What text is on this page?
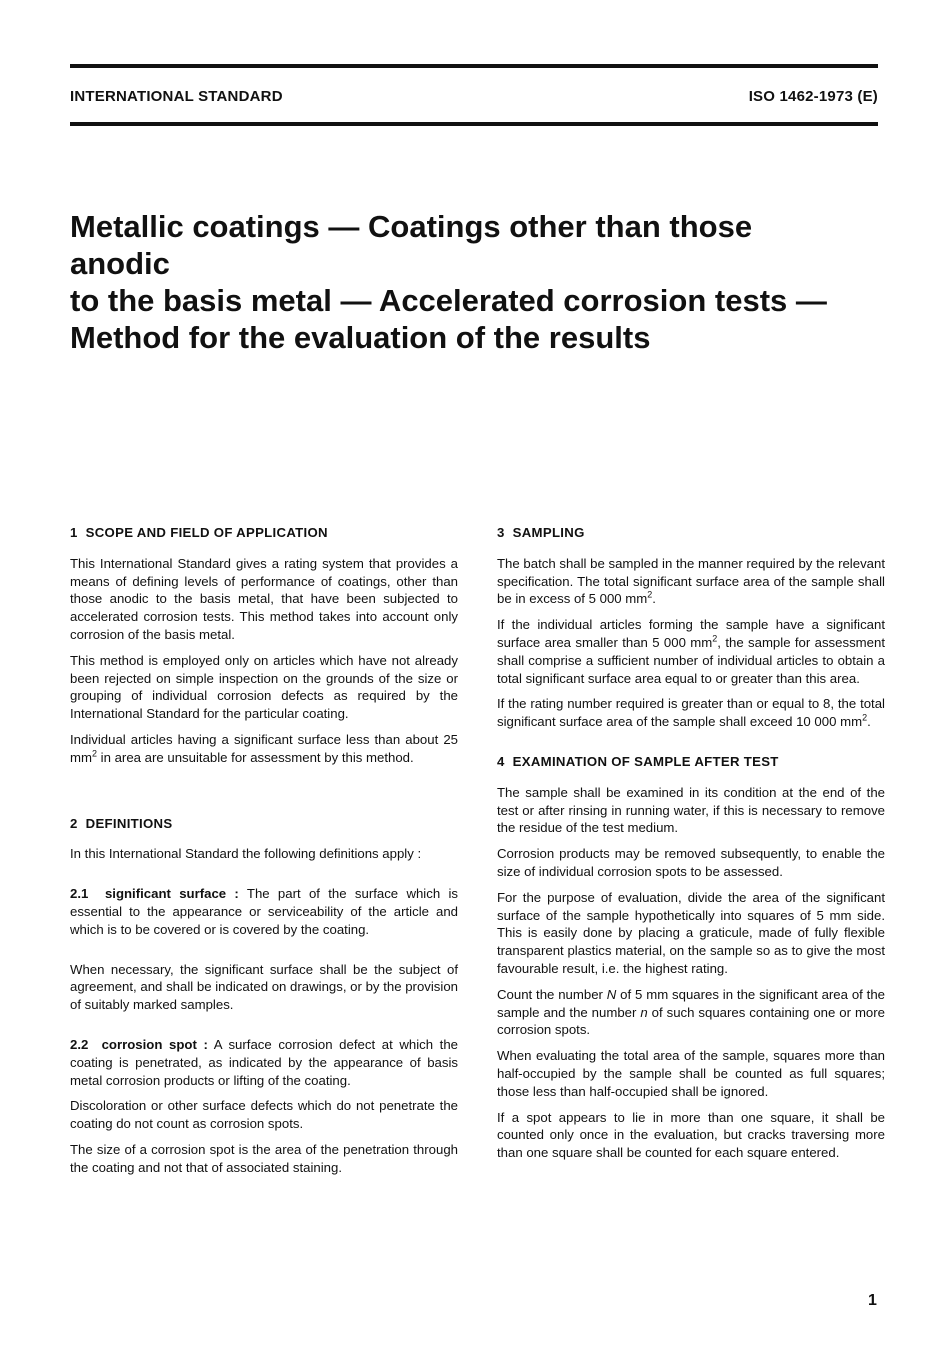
INTERNATIONAL STANDARD	ISO 1462-1973 (E)
Metallic coatings — Coatings other than those anodic
to the basis metal — Accelerated corrosion tests —
Method for the evaluation of the results
1 SCOPE AND FIELD OF APPLICATION

This International Standard gives a rating system that provides a means of defining levels of performance of coatings, other than those anodic to the basis metal, that have been subjected to accelerated corrosion tests. This method takes into account only corrosion of the basis metal.

This method is employed only on articles which have not already been rejected on simple inspection on the grounds of the size or grouping of individual corrosion defects as required by the International Standard for the particular coating.

Individual articles having a significant surface less than about 25 $mm^2$ in area are unsuitable for assessment by this method.

2 DEFINITIONS

In this International Standard the following definitions apply :

2.1 significant surface : The part of the surface which is essential to the appearance or serviceability of the article and which is to be covered or is covered by the coating.

When necessary, the significant surface shall be the subject of agreement, and shall be indicated on drawings, or by the provision of suitably marked samples.

2.2 corrosion spot : A surface corrosion defect at which the coating is penetrated, as indicated by the appearance of basis metal corrosion products or lifting of the coating.

Discoloration or other surface defects which do not penetrate the coating do not count as corrosion spots.

The size of a corrosion spot is the area of the penetration through the coating and not that of associated staining.

3 SAMPLING

The batch shall be sampled in the manner required by the relevant specification. The total significant surface area of the sample shall be in excess of 5 000 $mm^2$.

If the individual articles forming the sample have a significant surface area smaller than 5 000 $mm^2$, the sample for assessment shall comprise a sufficient number of individual articles to obtain a total significant surface area equal to or greater than this area.

If the rating number required is greater than or equal to 8, the total significant surface area of the sample shall exceed 10 000 $mm^2$.

4 EXAMINATION OF SAMPLE AFTER TEST

The sample shall be examined in its condition at the end of the test or after rinsing in running water, if this is necessary to remove the residue of the test medium.

Corrosion products may be removed subsequently, to enable the size of individual corrosion spots to be assessed.

For the purpose of evaluation, divide the area of the significant surface of the sample hypothetically into squares of 5 mm side. This is easily done by placing a graticule, made of fully flexible transparent plastics material, on the sample so as to give the most favourable result, i.e. the highest rating.

Count the number N of 5 mm squares in the significant area of the sample and the number n of such squares containing one or more corrosion spots.

When evaluating the total area of the sample, squares more than half-occupied by the sample shall be counted as full squares; those less than half-occupied shall be ignored.

If a spot appears to lie in more than one square, it shall be counted only once in the evaluation, but cracks traversing more than one square shall be counted for each square entered.

1
